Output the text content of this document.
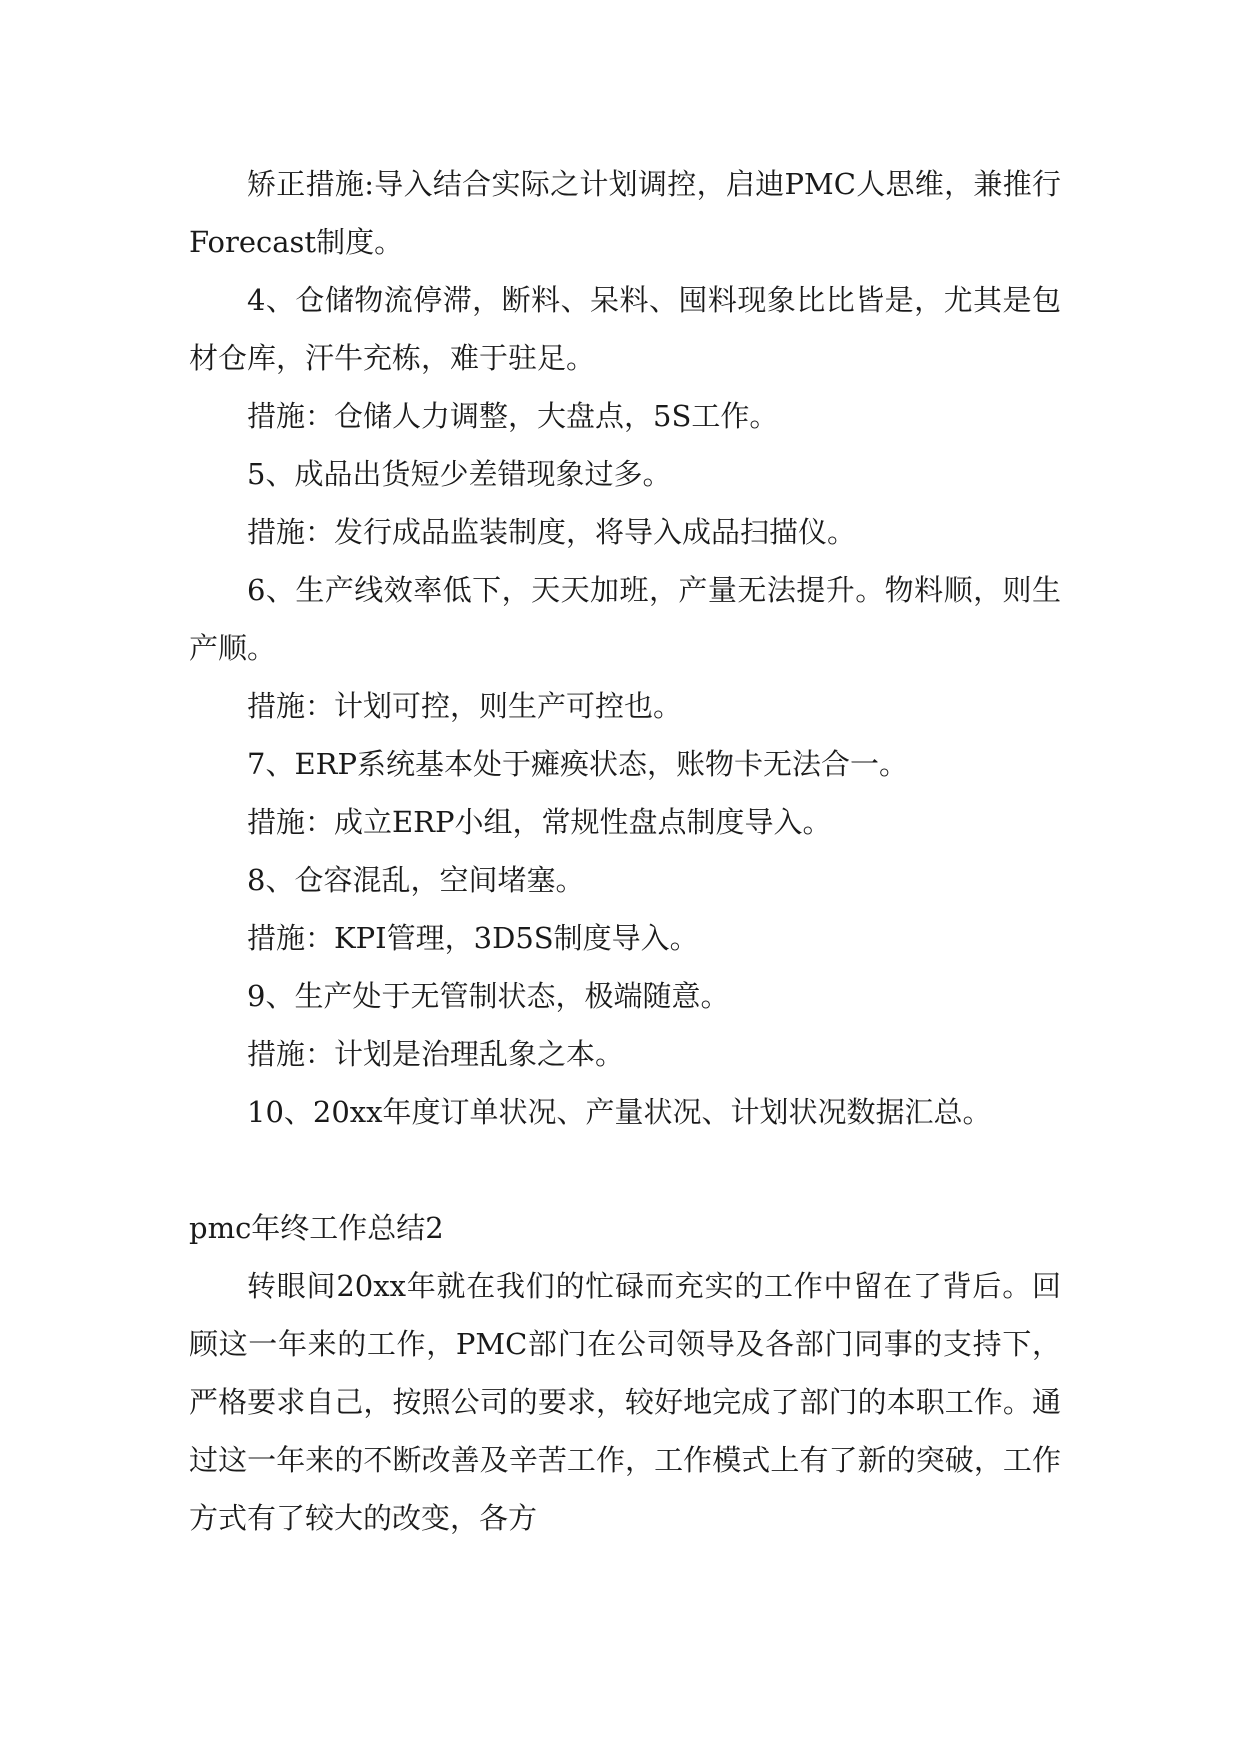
矫正措施:导入结合实际之计划调控，启迪PMC人思维，兼推行Forecast制度。

4、仓储物流停滞，断料、呆料、囤料现象比比皆是，尤其是包材仓库，汗牛充栋，难于驻足。

措施：仓储人力调整，大盘点，5S工作。

5、成品出货短少差错现象过多。

措施：发行成品监装制度，将导入成品扫描仪。

6、生产线效率低下，天天加班，产量无法提升。物料顺，则生产顺。

措施：计划可控，则生产可控也。

7、ERP系统基本处于瘫痪状态，账物卡无法合一。

措施：成立ERP小组，常规性盘点制度导入。

8、仓容混乱，空间堵塞。

措施：KPI管理，3D5S制度导入。

9、生产处于无管制状态，极端随意。

措施：计划是治理乱象之本。

10、20xx年度订单状况、产量状况、计划状况数据汇总。

pmc年终工作总结2

转眼间20xx年就在我们的忙碌而充实的工作中留在了背后。回顾这一年来的工作，PMC部门在公司领导及各部门同事的支持下，严格要求自己，按照公司的要求，较好地完成了部门的本职工作。通过这一年来的不断改善及辛苦工作，工作模式上有了新的突破，工作方式有了较大的改变，各方
